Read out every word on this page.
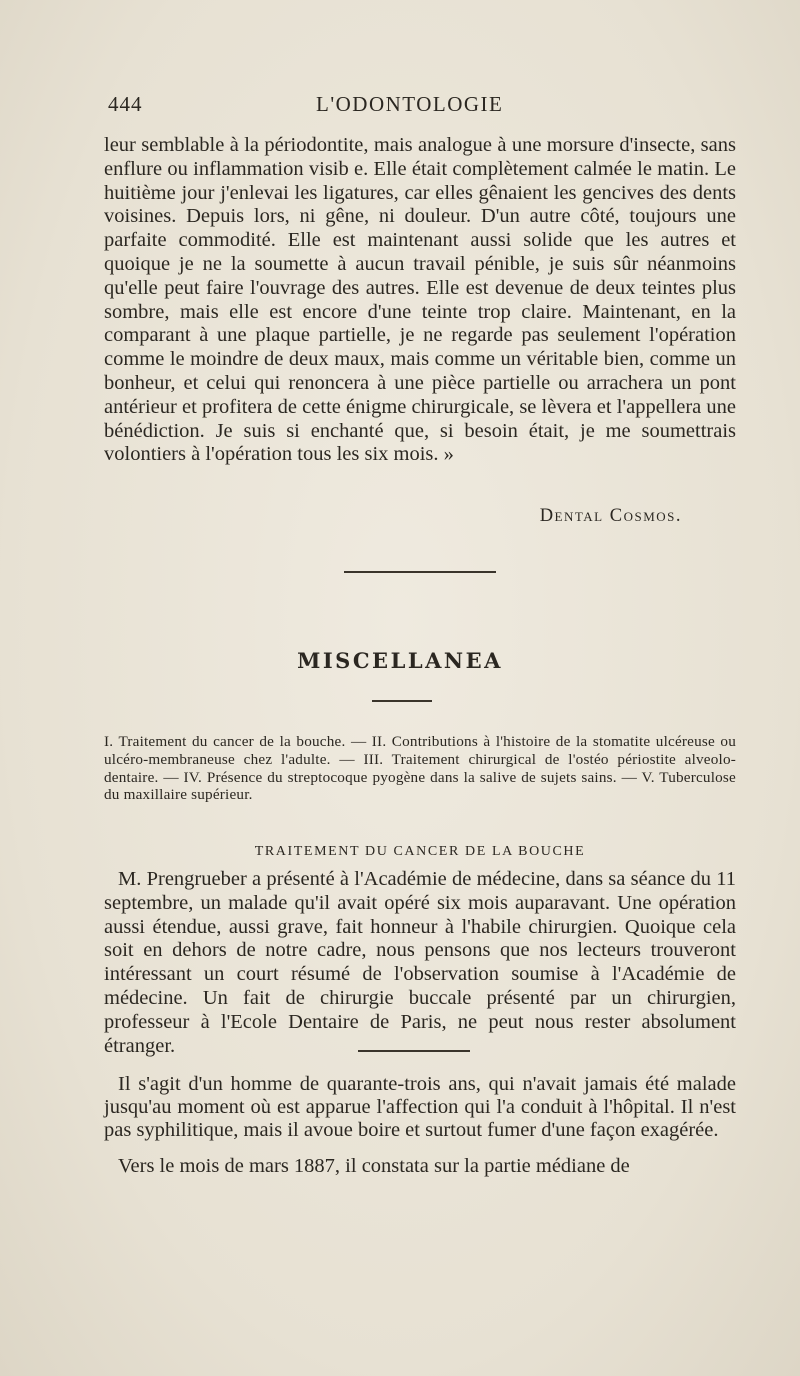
444	L'ODONTOLOGIE

leur semblable à la périodontite, mais analogue à une morsure d'insecte, sans enflure ou inflammation visib e. Elle était complètement calmée le matin. Le huitième jour j'enlevai les ligatures, car elles gênaient les gencives des dents voisines. Depuis lors, ni gêne, ni douleur. D'un autre côté, toujours une parfaite commodité. Elle est maintenant aussi solide que les autres et quoique je ne la soumette à aucun travail pénible, je suis sûr néanmoins qu'elle peut faire l'ouvrage des autres. Elle est devenue de deux teintes plus sombre, mais elle est encore d'une teinte trop claire. Maintenant, en la comparant à une plaque partielle, je ne regarde pas seulement l'opération comme le moindre de deux maux, mais comme un véritable bien, comme un bonheur, et celui qui renoncera à une pièce partielle ou arrachera un pont antérieur et profitera de cette énigme chirurgicale, se lèvera et l'appellera une bénédiction. Je suis si enchanté que, si besoin était, je me soumettrais volontiers à l'opération tous les six mois. »

Dental Cosmos.
MISCELLANEA

I. Traitement du cancer de la bouche. — II. Contributions à l'histoire de la stomatite ulcéreuse ou ulcéro-membraneuse chez l'adulte. — III. Traitement chirurgical de l'ostéo périostite alveolo-dentaire. — IV. Présence du streptocoque pyogène dans la salive de sujets sains. — V. Tuberculose du maxillaire supérieur.

TRAITEMENT DU CANCER DE LA BOUCHE

M. Prengrueber a présenté à l'Académie de médecine, dans sa séance du 11 septembre, un malade qu'il avait opéré six mois auparavant. Une opération aussi étendue, aussi grave, fait honneur à l'habile chirurgien. Quoique cela soit en dehors de notre cadre, nous pensons que nos lecteurs trouveront intéressant un court résumé de l'observation soumise à l'Académie de médecine. Un fait de chirurgie buccale présenté par un chirurgien, professeur à l'Ecole Dentaire de Paris, ne peut nous rester absolument étranger.

Il s'agit d'un homme de quarante-trois ans, qui n'avait jamais été malade jusqu'au moment où est apparue l'affection qui l'a conduit à l'hôpital. Il n'est pas syphilitique, mais il avoue boire et surtout fumer d'une façon exagérée.

Vers le mois de mars 1887, il constata sur la partie médiane de
